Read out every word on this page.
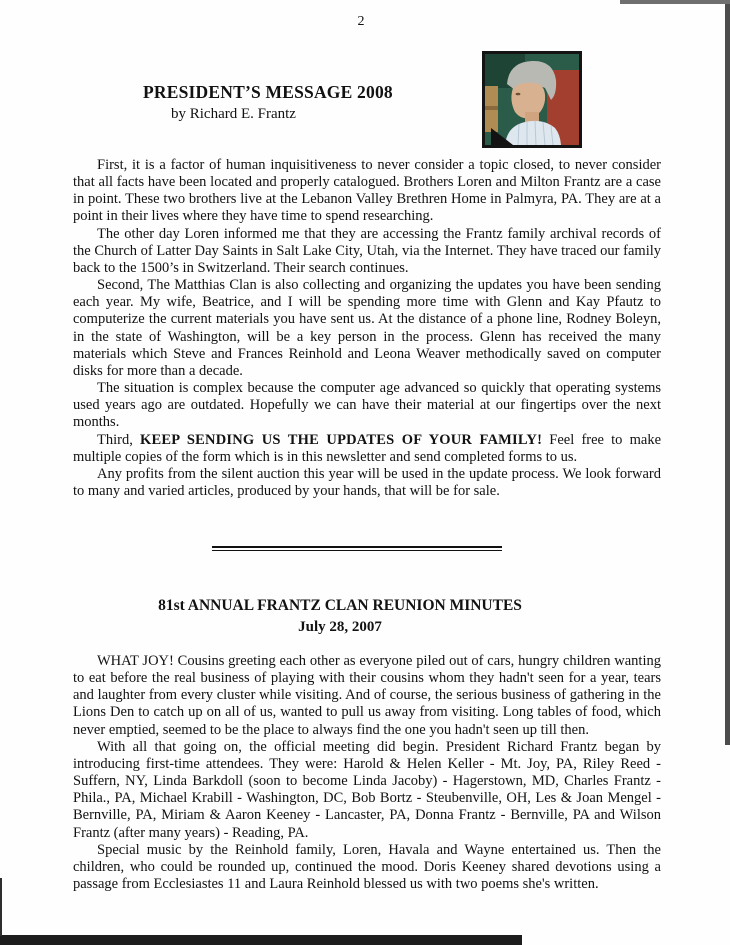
2
PRESIDENT’S MESSAGE 2008
by Richard E. Frantz

First, it is a factor of human inquisitiveness to never consider a topic closed, to never consider that all facts have been located and properly catalogued. Brothers Loren and Milton Frantz are a case in point. These two brothers live at the Lebanon Valley Brethren Home in Palmyra, PA. They are at a point in their lives where they have time to spend researching.

The other day Loren informed me that they are accessing the Frantz family archival records of the Church of Latter Day Saints in Salt Lake City, Utah, via the Internet. They have traced our family back to the 1500’s in Switzerland. Their search continues.

Second, The Matthias Clan is also collecting and organizing the updates you have been sending each year. My wife, Beatrice, and I will be spending more time with Glenn and Kay Pfautz to computerize the current materials you have sent us. At the distance of a phone line, Rodney Boleyn, in the state of Washington, will be a key person in the process. Glenn has received the many materials which Steve and Frances Reinhold and Leona Weaver methodically saved on computer disks for more than a decade.

The situation is complex because the computer age advanced so quickly that operating systems used years ago are outdated. Hopefully we can have their material at our fingertips over the next months.

Third, KEEP SENDING US THE UPDATES OF YOUR FAMILY! Feel free to make multiple copies of the form which is in this newsletter and send completed forms to us.

Any profits from the silent auction this year will be used in the update process. We look forward to many and varied articles, produced by your hands, that will be for sale.

81st ANNUAL FRANTZ CLAN REUNION MINUTES
July 28, 2007

WHAT JOY! Cousins greeting each other as everyone piled out of cars, hungry children wanting to eat before the real business of playing with their cousins whom they hadn't seen for a year, tears and laughter from every cluster while visiting. And of course, the serious business of gathering in the Lions Den to catch up on all of us, wanted to pull us away from visiting. Long tables of food, which never emptied, seemed to be the place to always find the one you hadn't seen up till then.

With all that going on, the official meeting did begin. President Richard Frantz began by introducing first-time attendees. They were: Harold & Helen Keller - Mt. Joy, PA, Riley Reed - Suffern, NY, Linda Barkdoll (soon to become Linda Jacoby) - Hagerstown, MD, Charles Frantz - Phila., PA, Michael Krabill - Washington, DC, Bob Bortz - Steubenville, OH, Les & Joan Mengel - Bernville, PA, Miriam & Aaron Keeney - Lancaster, PA, Donna Frantz - Bernville, PA and Wilson Frantz (after many years) - Reading, PA.

Special music by the Reinhold family, Loren, Havala and Wayne entertained us. Then the children, who could be rounded up, continued the mood. Doris Keeney shared devotions using a passage from Ecclesiastes 11 and Laura Reinhold blessed us with two poems she's written.
